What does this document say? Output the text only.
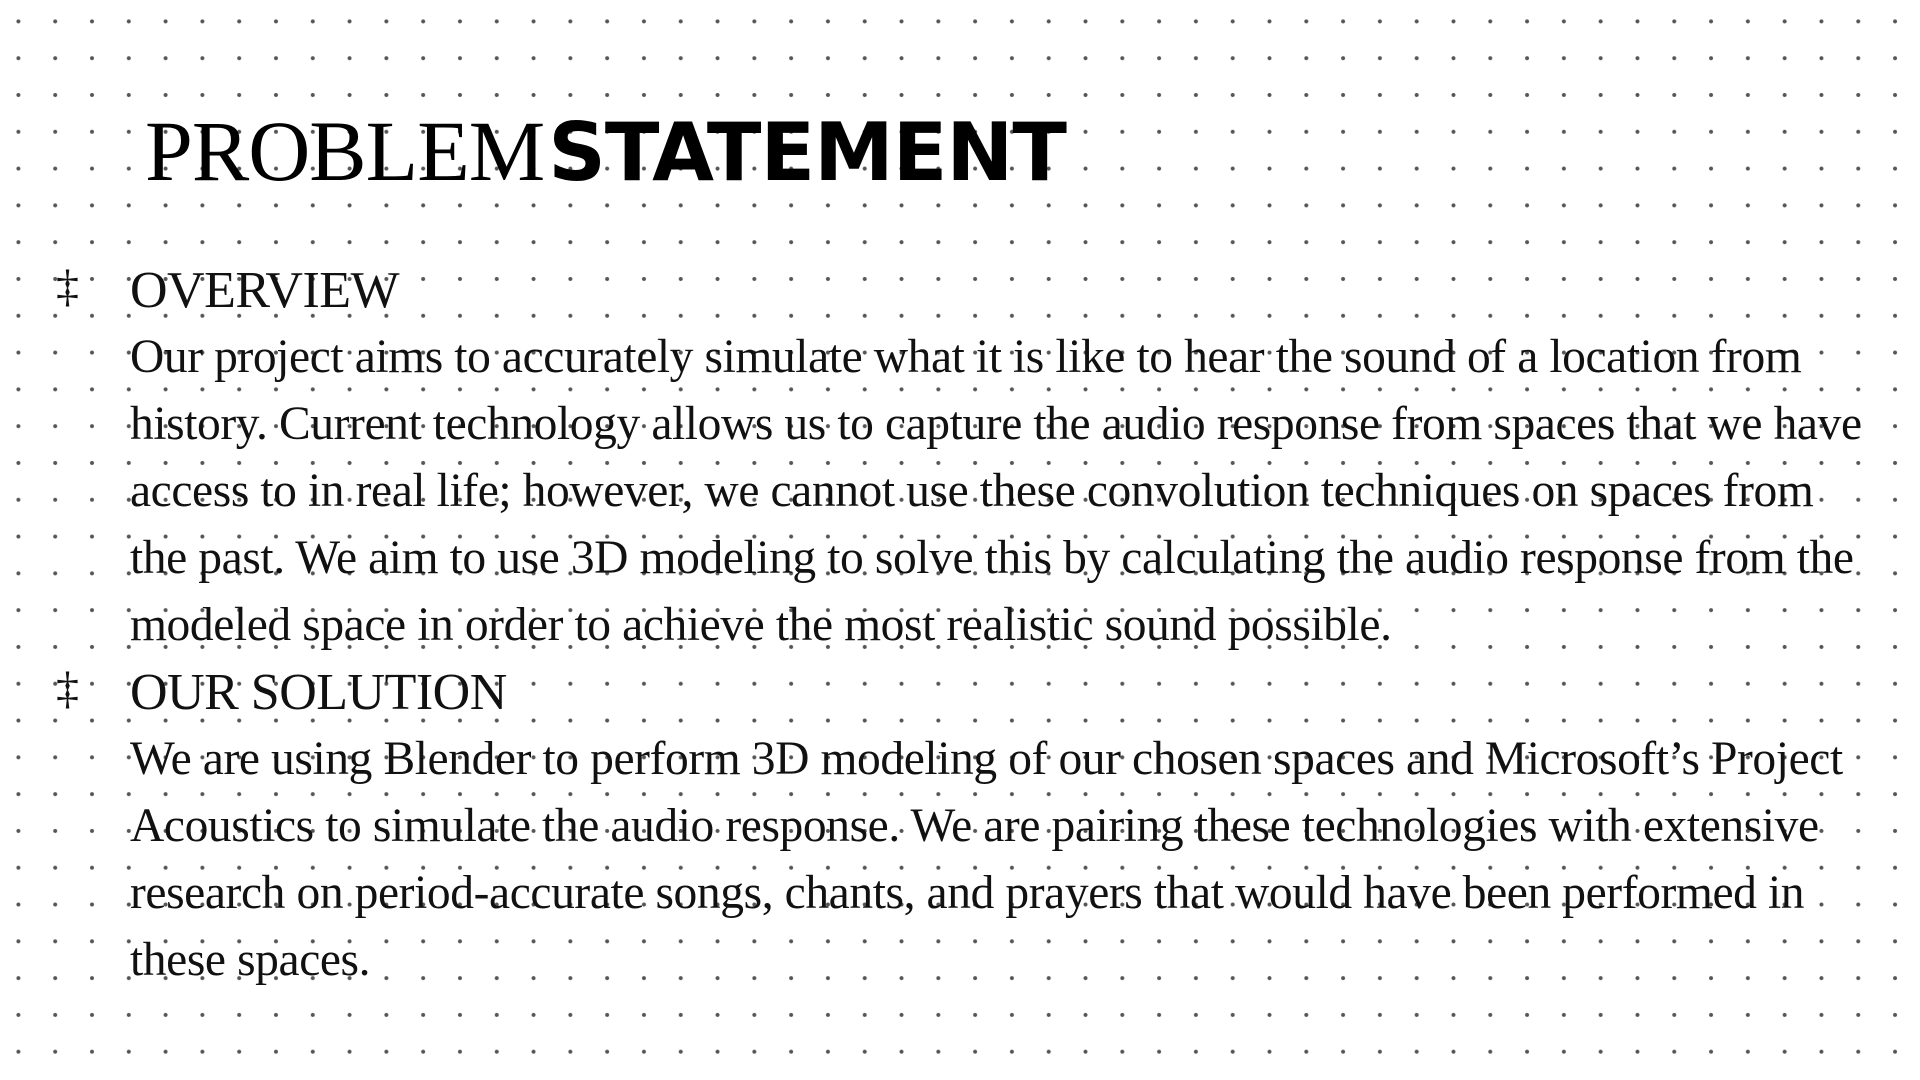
PROBLEM STATEMENT
‡ OVERVIEW
Our project aims to accurately simulate what it is like to hear the sound of a location from history. Current technology allows us to capture the audio response from spaces that we have access to in real life; however, we cannot use these convolution techniques on spaces from the past. We aim to use 3D modeling to solve this by calculating the audio response from the modeled space in order to achieve the most realistic sound possible.
‡ OUR SOLUTION
We are using Blender to perform 3D modeling of our chosen spaces and Microsoft’s Project Acoustics to simulate the audio response. We are pairing these technologies with extensive research on period-accurate songs, chants, and prayers that would have been performed in these spaces.
